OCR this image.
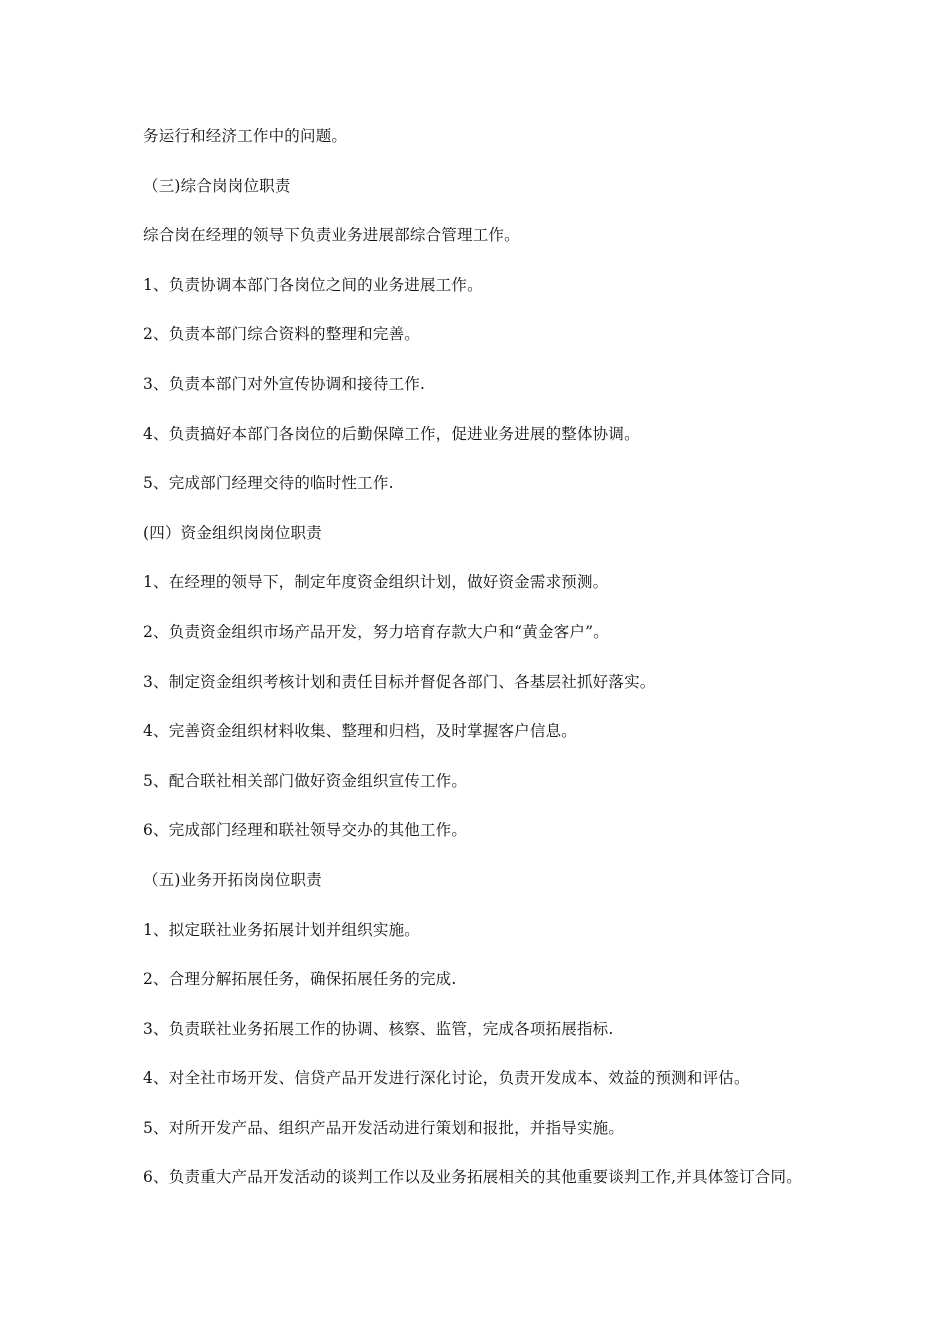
务运行和经济工作中的问题。

（三)综合岗岗位职责

综合岗在经理的领导下负责业务进展部综合管理工作。

1、负责协调本部门各岗位之间的业务进展工作。

2、负责本部门综合资料的整理和完善。

3、负责本部门对外宣传协调和接待工作.

4、负责搞好本部门各岗位的后勤保障工作，促进业务进展的整体协调。

5、完成部门经理交待的临时性工作.

(四）资金组织岗岗位职责

1、在经理的领导下，制定年度资金组织计划，做好资金需求预测。

2、负责资金组织市场产品开发，努力培育存款大户和“黄金客户”。

3、制定资金组织考核计划和责任目标并督促各部门、各基层社抓好落实。

4、完善资金组织材料收集、整理和归档，及时掌握客户信息。

5、配合联社相关部门做好资金组织宣传工作。

6、完成部门经理和联社领导交办的其他工作。

（五)业务开拓岗岗位职责

1、拟定联社业务拓展计划并组织实施。

2、合理分解拓展任务，确保拓展任务的完成.

3、负责联社业务拓展工作的协调、核察、监管，完成各项拓展指标.

4、对全社市场开发、信贷产品开发进行深化讨论，负责开发成本、效益的预测和评估。

5、对所开发产品、组织产品开发活动进行策划和报批，并指导实施。

6、负责重大产品开发活动的谈判工作以及业务拓展相关的其他重要谈判工作,并具体签订合同。
